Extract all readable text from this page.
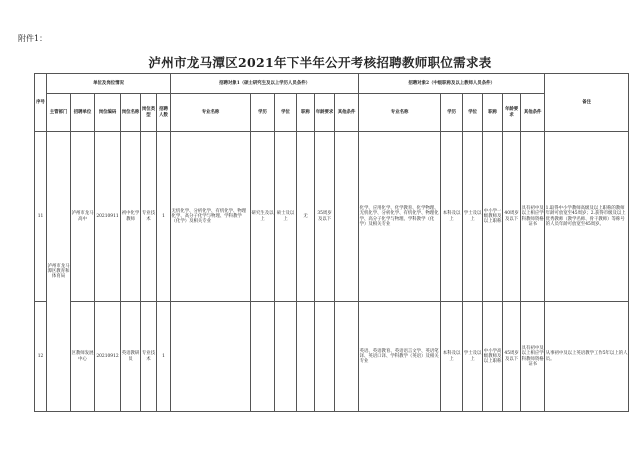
附件1：
泸州市龙马潭区2021年下半年公开考核招聘教师职位需求表
序号	单位及岗位情况						招聘对象1（硕士研究生及以上学历人员条件）						招聘对象2（中级职称及以上教师人员条件）						备注
	主管部门	招聘单位	岗位编码	岗位名称	岗位类型	招聘人数	专业名称	学历	学位	职称	年龄要求	其他条件	专业名称	学历	学位	职称	年龄要求	其他条件	
11	泸州市龙马潭区教育和体育局	泸州市龙马高中	20210911	初中化学教师	专业技术	1	无机化学、分析化学、有机化学、物理化学、高分子化学与物理、学科教学（化学）及相关专业	研究生及以上	硕士及以上	无	35周岁及以下		化学、应用化学、化学教育、化学物理、无机化学、分析化学、有机化学、物理化学、高分子化学与物理、学科教学（化学）及相关专业	本科及以上	学士及以上	中小学一级教师及以上职称	40周岁及以下	具有初中及以上相应学科教师资格证书	1.取得中小学教师高级及以上职称的教师年龄可放宽至45周岁；2.获得市级及以上优秀教师（教学名师、骨干教师）等称号的人员年龄可放宽至45周岁。
12		区教师发展中心	20210912	英语教研员	专业技术	1							英语、英语教育、英语语言文学、英语笔译、英语口译、学科教学（英语）及相关专业	本科及以上	学士及以上	中小学高级教师及以上职称	45周岁及以下	具有初中及以上相应学科教师资格证书	从事初中及以上英语教学工作5年以上的人员。
